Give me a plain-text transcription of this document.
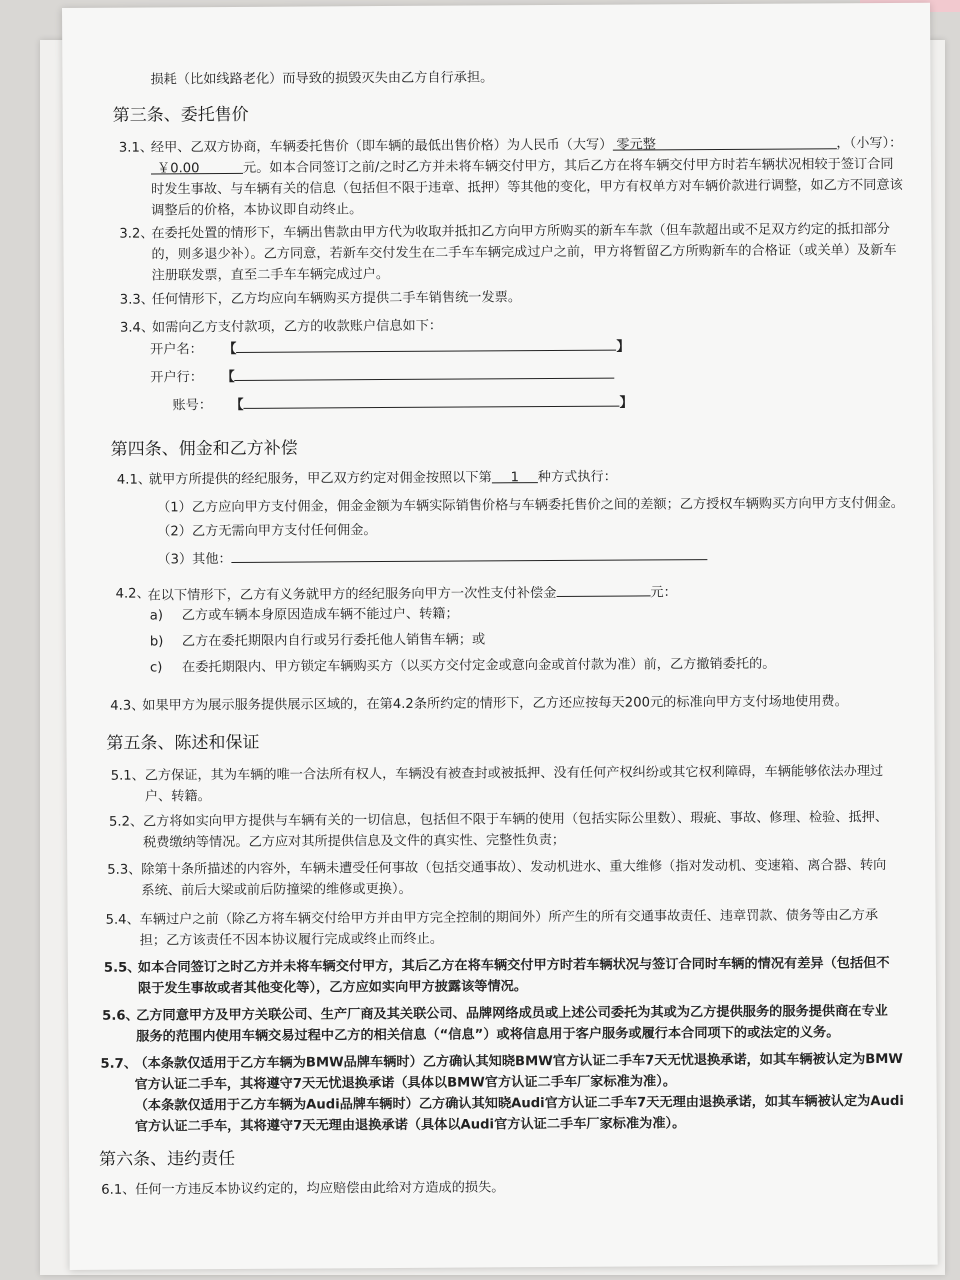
损耗（比如线路老化）而导致的损毁灭失由乙方自行承担。
第三条、委托售价
3.1、
经甲、乙双方协商，车辆委托售价（即车辆的最低出售价格）为人民币（大写） 零元整	，（小写）：
￥0.00	元。如本合同签订之前/之时乙方并未将车辆交付甲方，其后乙方在将车辆交付甲方时若车辆状况相较于签订合同
时发生事故、与车辆有关的信息（包括但不限于违章、抵押）等其他的变化，甲方有权单方对车辆价款进行调整，如乙方不同意该
调整后的价格，本协议即自动终止。
3.2、
在委托处置的情形下，车辆出售款由甲方代为收取并抵扣乙方向甲方所购买的新车车款（但车款超出或不足双方约定的抵扣部分
的，则多退少补）。乙方同意，若新车交付发生在二手车车辆完成过户之前，甲方将暂留乙方所购新车的合格证（或关单）及新车
注册联发票，直至二手车车辆完成过户。
3.3、
任何情形下，乙方均应向车辆购买方提供二手车销售统一发票。
3.4、
如需向乙方支付款项，乙方的收款账户信息如下：
开户名： 【	】
开户行： 【
账号： 【	】
第四条、佣金和乙方补偿
4.1、
就甲方所提供的经纪服务，甲乙双方约定对佣金按照以下第 1 种方式执行：
（1）乙方应向甲方支付佣金，佣金金额为车辆实际销售价格与车辆委托售价之间的差额；乙方授权车辆购买方向甲方支付佣金。
（2）乙方无需向甲方支付任何佣金。
（3）其他：
4.2、
在以下情形下，乙方有义务就甲方的经纪服务向甲方一次性支付补偿金	元：
a) 乙方或车辆本身原因造成车辆不能过户、转籍；
b) 乙方在委托期限内自行或另行委托他人销售车辆；或
c) 在委托期限内、甲方锁定车辆购买方（以买方交付定金或意向金或首付款为准）前，乙方撤销委托的。
4.3、
如果甲方为展示服务提供展示区域的，在第4.2条所约定的情形下，乙方还应按每天200元的标准向甲方支付场地使用费。
第五条、陈述和保证
5.1、 乙方保证，其为车辆的唯一合法所有权人，车辆没有被查封或被抵押、没有任何产权纠纷或其它权利障碍，车辆能够依法办理过
户、转籍。
5.2、 乙方将如实向甲方提供与车辆有关的一切信息，包括但不限于车辆的使用（包括实际公里数）、瑕疵、事故、修理、检验、抵押、
税费缴纳等情况。乙方应对其所提供信息及文件的真实性、完整性负责；
5.3、 除第十条所描述的内容外，车辆未遭受任何事故（包括交通事故）、发动机进水、重大维修（指对发动机、变速箱、离合器、转向
系统、前后大梁或前后防撞梁的维修或更换）。
5.4、 车辆过户之前（除乙方将车辆交付给甲方并由甲方完全控制的期间外）所产生的所有交通事故责任、违章罚款、债务等由乙方承
担；乙方该责任不因本协议履行完成或终止而终止。
5.5、
如本合同签订之时乙方并未将车辆交付甲方，其后乙方在将车辆交付甲方时若车辆状况与签订合同时车辆的情况有差异（包括但不
限于发生事故或者其他变化等），乙方应如实向甲方披露该等情况。
5.6、
乙方同意甲方及甲方关联公司、生产厂商及其关联公司、品牌网络成员或上述公司委托为其或为乙方提供服务的服务提供商在专业
服务的范围内使用车辆交易过程中乙方的相关信息（“信息”）或将信息用于客户服务或履行本合同项下的或法定的义务。
5.7、
（本条款仅适用于乙方车辆为BMW品牌车辆时）乙方确认其知晓BMW官方认证二手车7天无忧退换承诺，如其车辆被认定为BMW
官方认证二手车，其将遵守7天无忧退换承诺（具体以BMW官方认证二手车厂家标准为准）。
（本条款仅适用于乙方车辆为Audi品牌车辆时）乙方确认其知晓Audi官方认证二手车7天无理由退换承诺，如其车辆被认定为Audi
官方认证二手车，其将遵守7天无理由退换承诺（具体以Audi官方认证二手车厂家标准为准）。
第六条、违约责任
6.1、 任何一方违反本协议约定的，均应赔偿由此给对方造成的损失。
